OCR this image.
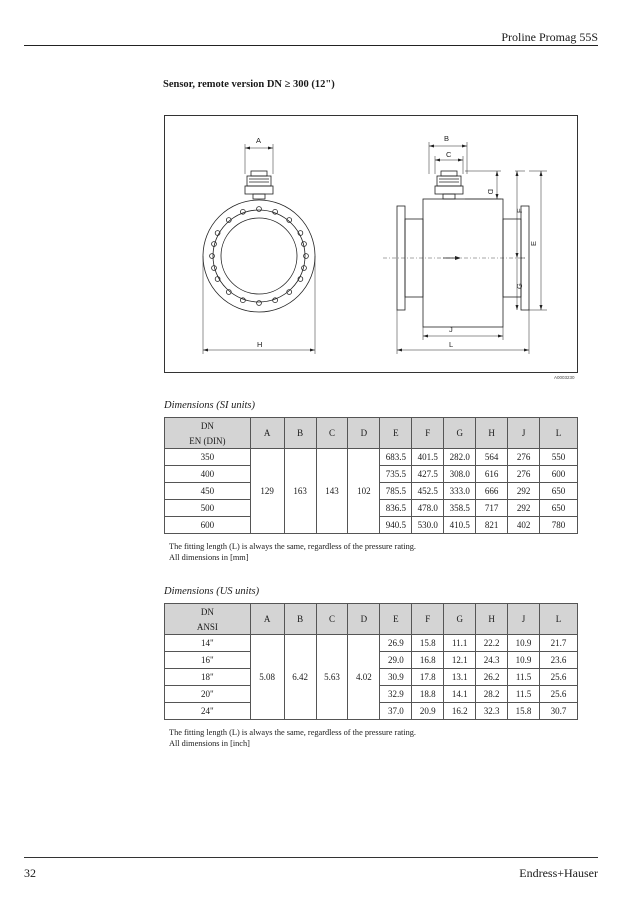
Proline Promag 55S
Sensor, remote version DN ≥ 300 (12")
A	B
C
D
F
E
G
J
H	L
A0003230
Dimensions (SI units)
DN	A	B	C	D	E	F	G	H	J	L
EN (DIN)										
350	129	163	143	102	683.5	401.5	282.0	564	276	550
400					735.5	427.5	308.0	616	276	600
450					785.5	452.5	333.0	666	292	650
500					836.5	478.0	358.5	717	292	650
600					940.5	530.0	410.5	821	402	780
The fitting length (L) is always the same, regardless of the pressure rating.
All dimensions in [mm]
Dimensions (US units)
DN	A	B	C	D	E	F	G	H	J	L
ANSI										
14"	5.08	6.42	5.63	4.02	26.9	15.8	11.1	22.2	10.9	21.7
16"					29.0	16.8	12.1	24.3	10.9	23.6
18"					30.9	17.8	13.1	26.2	11.5	25.6
20"					32.9	18.8	14.1	28.2	11.5	25.6
24"					37.0	20.9	16.2	32.3	15.8	30.7
The fitting length (L) is always the same, regardless of the pressure rating.
All dimensions in [inch]
32	Endress+Hauser
